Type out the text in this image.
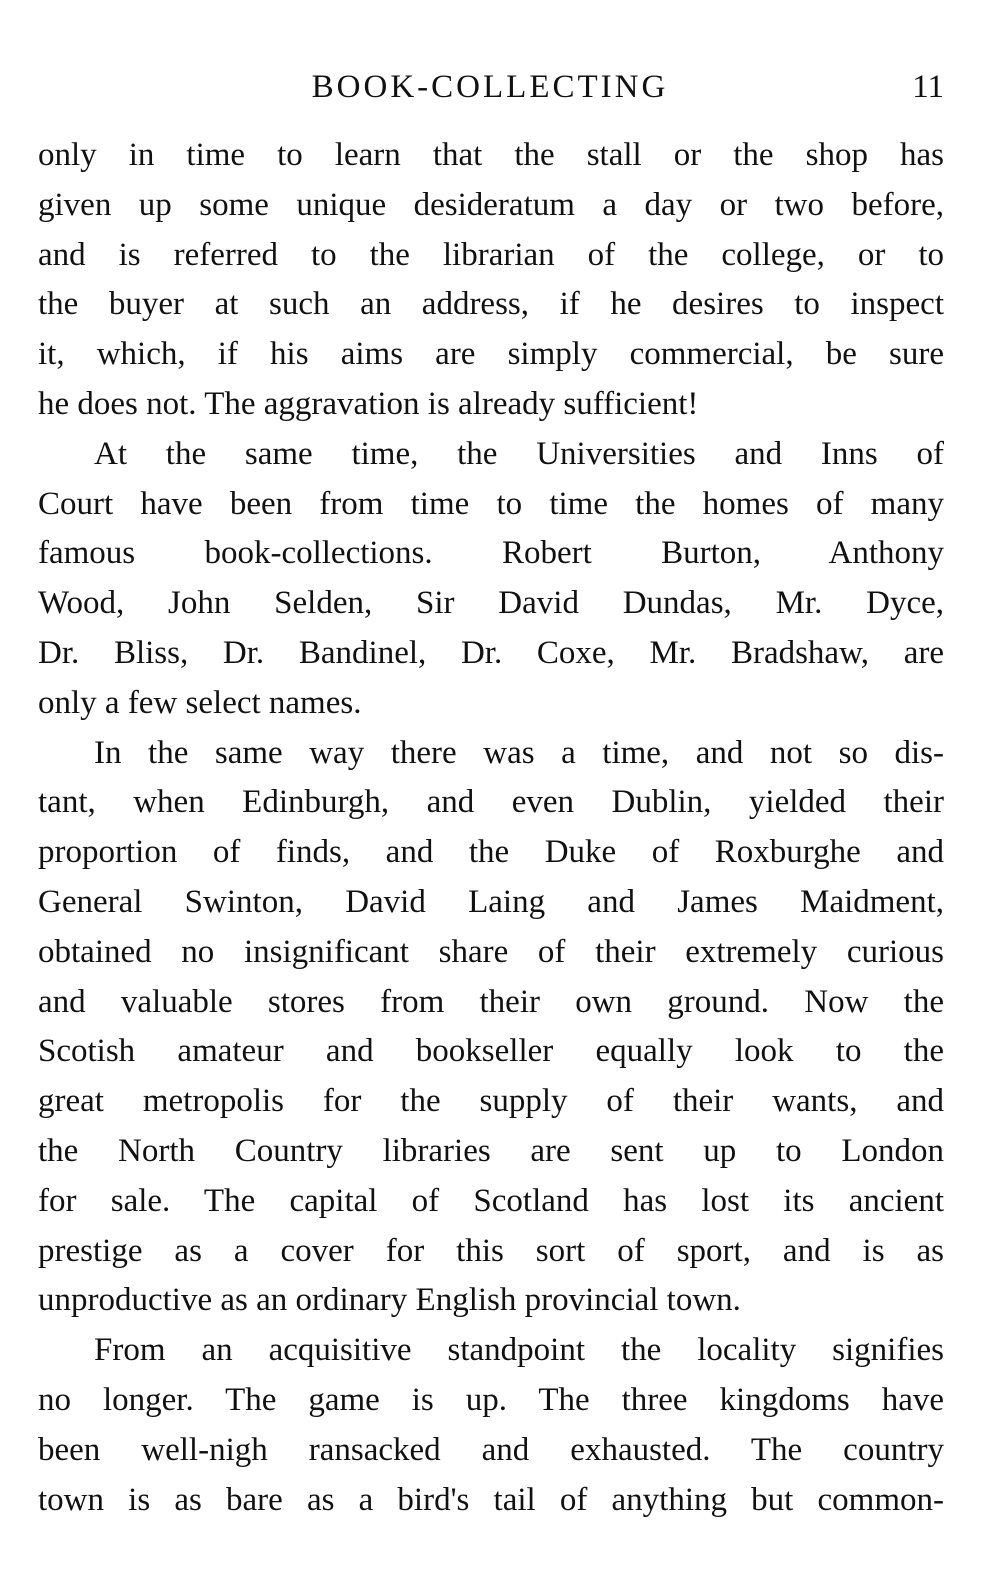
BOOK-COLLECTING	11
only in time to learn that the stall or the shop has
given up some unique desideratum a day or two before,
and is referred to the librarian of the college, or to
the buyer at such an address, if he desires to inspect
it, which, if his aims are simply commercial, be sure
he does not. The aggravation is already sufficient!
At the same time, the Universities and Inns of
Court have been from time to time the homes of many
famous book-collections. Robert Burton, Anthony
Wood, John Selden, Sir David Dundas, Mr. Dyce,
Dr. Bliss, Dr. Bandinel, Dr. Coxe, Mr. Bradshaw, are
only a few select names.
In the same way there was a time, and not so dis-
tant, when Edinburgh, and even Dublin, yielded their
proportion of finds, and the Duke of Roxburghe and
General Swinton, David Laing and James Maidment,
obtained no insignificant share of their extremely curious
and valuable stores from their own ground. Now the
Scotish amateur and bookseller equally look to the
great metropolis for the supply of their wants, and
the North Country libraries are sent up to London
for sale. The capital of Scotland has lost its ancient
prestige as a cover for this sort of sport, and is as
unproductive as an ordinary English provincial town.
From an acquisitive standpoint the locality signifies
no longer. The game is up. The three kingdoms have
been well-nigh ransacked and exhausted. The country
town is as bare as a bird's tail of anything but common-
